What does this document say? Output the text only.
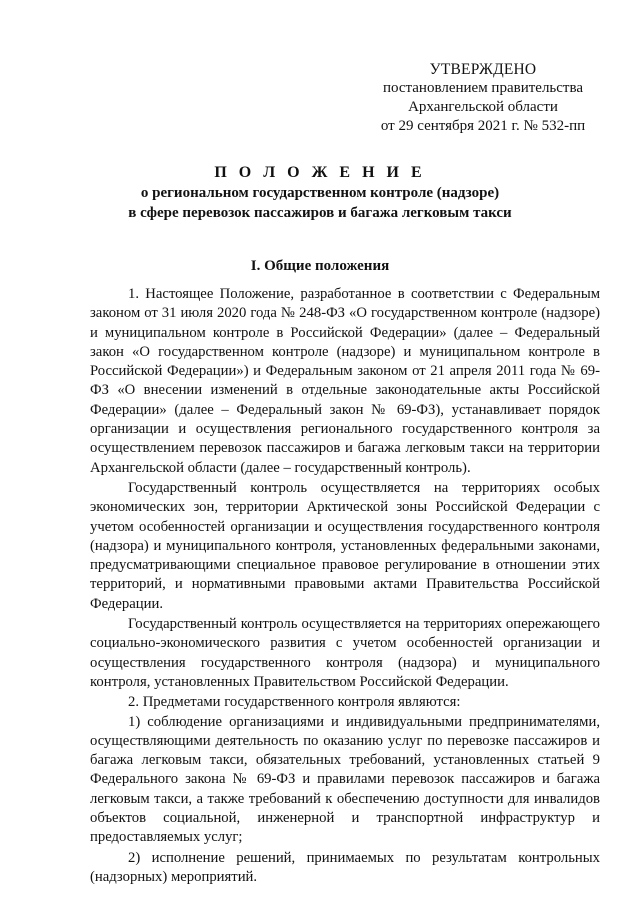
УТВЕРЖДЕНО
постановлением правительства
Архангельской области
от 29 сентября 2021 г. № 532-пп
П О Л О Ж Е Н И Е
о региональном государственном контроле (надзоре)
в сфере перевозок пассажиров и багажа легковым такси
I. Общие положения

1. Настоящее Положение, разработанное в соответствии с Федеральным законом от 31 июля 2020 года № 248-ФЗ «О государственном контроле (надзоре) и муниципальном контроле в Российской Федерации» (далее – Федеральный закон «О государственном контроле (надзоре) и муниципальном контроле в Российской Федерации») и Федеральным законом от 21 апреля 2011 года № 69-ФЗ «О внесении изменений в отдельные законодательные акты Российской Федерации» (далее – Федеральный закон № 69-ФЗ), устанавливает порядок организации и осуществления регионального государственного контроля за осуществлением перевозок пассажиров и багажа легковым такси на территории Архангельской области (далее – государственный контроль).

Государственный контроль осуществляется на территориях особых экономических зон, территории Арктической зоны Российской Федерации с учетом особенностей организации и осуществления государственного контроля (надзора) и муниципального контроля, установленных федеральными законами, предусматривающими специальное правовое регулирование в отношении этих территорий, и нормативными правовыми актами Правительства Российской Федерации.

Государственный контроль осуществляется на территориях опережающего социально-экономического развития с учетом особенностей организации и осуществления государственного контроля (надзора) и муниципального контроля, установленных Правительством Российской Федерации.

2. Предметами государственного контроля являются:

1) соблюдение организациями и индивидуальными предпринимателями, осуществляющими деятельность по оказанию услуг по перевозке пассажиров и багажа легковым такси, обязательных требований, установленных статьей 9 Федерального закона № 69-ФЗ и правилами перевозок пассажиров и багажа легковым такси, а также требований к обеспечению доступности для инвалидов объектов социальной, инженерной и транспортной инфраструктур и предоставляемых услуг;

2) исполнение решений, принимаемых по результатам контрольных (надзорных) мероприятий.
